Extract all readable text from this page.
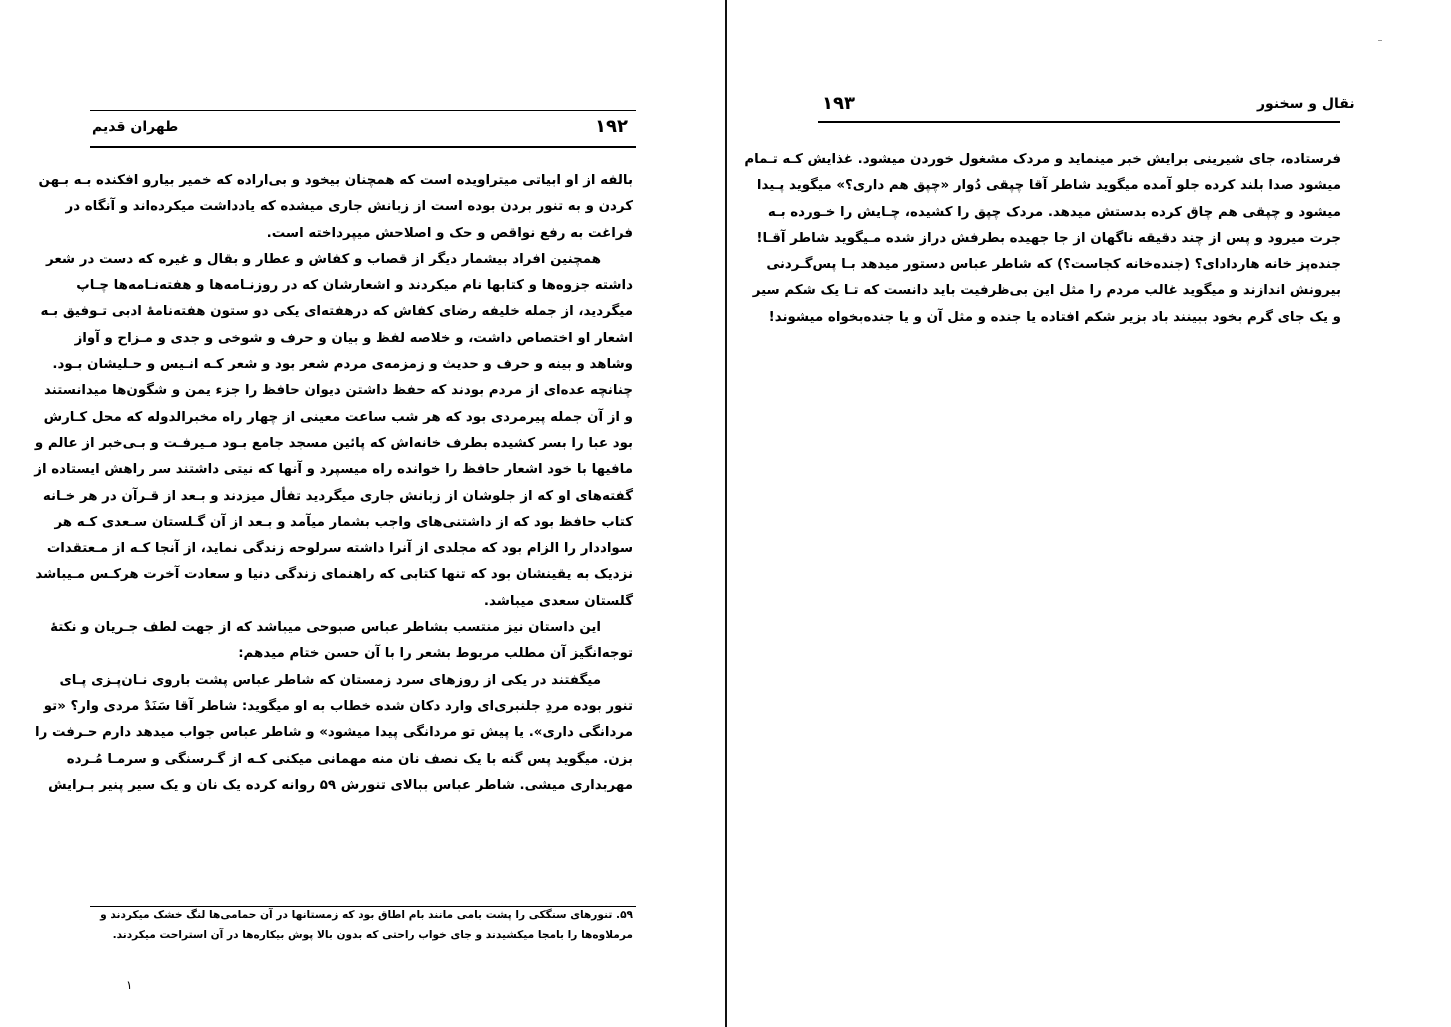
طهران قديم	۱۹۲
بالفه از او ابیاتی میتراویده است که همچنان بیخود و بی‌اراده که خمیر بیارو افکنده بـه بـهن
کردن و به تنور بردن بوده است از زبانش جاری میشده که یادداشت میکرده‌اند و آنگاه در
فراغت به رفع نواقص و حک و اصلاحش میپرداخته است.
همچنین افراد بیشمار دیگر از قصاب و کفاش و عطار و بقال و غیره که دست در شعر
داشته جزوه‌ها و کتابها نام میکردند و اشعارشان که در روزنـامه‌ها و هفته‌نـامه‌ها چـاپ
میگردید، از جمله خلیفه رضای کفاش که درهفته‌ای یکی دو ستون هفته‌نامهٔ ادبی تـوفیق بـه
اشعار او اختصاص داشت، و خلاصه لفظ و بیان و حرف و شوخی و جدی و مـزاح و آواز
وشاهد و بینه و حرف و حدیث و زمزمه‌ی مردم شعر بود و شعر کـه انـیس و حـلیشان بـود.
چنانچه عده‌ای از مردم بودند که حفظ داشتن دیوان حافظ را جزء یمن و شگون‌ها میدانستند
و از آن جمله پیرمردی بود که هر شب ساعت معینی از چهار راه مخبرالدوله که محل کـارش
بود عبا را بسر کشیده بطرف خانه‌اش که پائین مسجد جامع بـود مـیرفـت و بـی‌خبر از عالم و
مافیها با خود اشعار حافظ را خوانده راه میسپرد و آنها که نیتی داشتند سر راهش ایستاده از
گفته‌های او که از جلوشان از زبانش جاری میگردید تفأل میزدند و بـعد از قـرآن در هر خـانه
کتاب حافظ بود که از داشتنی‌های واجب بشمار میآمد و بـعد از آن گـلستان سـعدی کـه هر
سواددار را الزام بود که مجلدی از آنرا داشته سرلوحه زندگی نماید، از آنجا کـه از مـعتقدات
نزدیک به یقینشان بود که تنها کتابی که راهنمای زندگی دنیا و سعادت آخرت هرکـس مـیباشد
گلستان سعدی میباشد.
این داستان نیز منتسب بشاطر عباس صبوحی میباشد که از جهت لطف جـریان و نکتهٔ
توجه‌انگیز آن مطلب مربوط بشعر را با آن حسن ختام میدهم:
میگفتند در یکی از روزهای سرد زمستان که شاطر عباس پشت باروی نـان‌پـزی پـای
تنور بوده مردِ جلنبری‌ای وارد دکان شده خطاب به او میگوید: شاطر آقا سَنَدْ مردی وار؟ «تو
مردانگی داری». یا پیش تو مردانگی پیدا میشود» و شاطر عباس جواب میدهد دارم حـرفت را
بزن. میگوید پس گنه با یک نصف نان منه مهمانی میکنی کـه از گـرسنگی و سرمـا مُـرده‌
مهربداری میشی. شاطر عباس ببالای تنورش ۵۹ روانه کرده یک نان و یک سیر پنیر بـرایش
۵۹. تنورهای سنگکی را پشت بامی مانند بام اطاق بود که زمستانها در آن حمامی‌ها لنگ خشک میکردند و
مرملاوه‌ها را بامجا میکشیدند و جای خواب راحتی که بدون بالا پوش بیکاره‌ها در آن استراحت میکردند.
١
نقال و سخنور
۱۹۳
فرستاده، جای شیرینی برایش خبر مینماید و مردک مشغول خوردن میشود. غذایش کـه تـمام
میشود صدا بلند کرده جلو آمده میگوید شاطر آقا چپقی دُوار «چپق هم داری؟» میگوید پـیدا
میشود و چپقی هم چاق کرده بدستش میدهد. مردک چپق را کشیده، چـایش را خـورده بـه
جرت میرود و پس از چند دقیقه ناگهان از جا جهیده بطرفش دراز شده مـیگوید شاطر آقـا!
جنده‌پز خانه هاردادای؟ (جنده‌خانه کجاست؟) که شاطر عباس دستور میدهد بـا پس‌گـردنی
بیرونش اندازند و میگوید غالب مردم را مثل این بی‌ظرفیت باید دانست که تـا یک شکم سیر
و یک جای گرم بخود ببینند باد بزیر شکم افتاده یا جنده و مثل آن و یا جنده‌بخواه میشوند!
